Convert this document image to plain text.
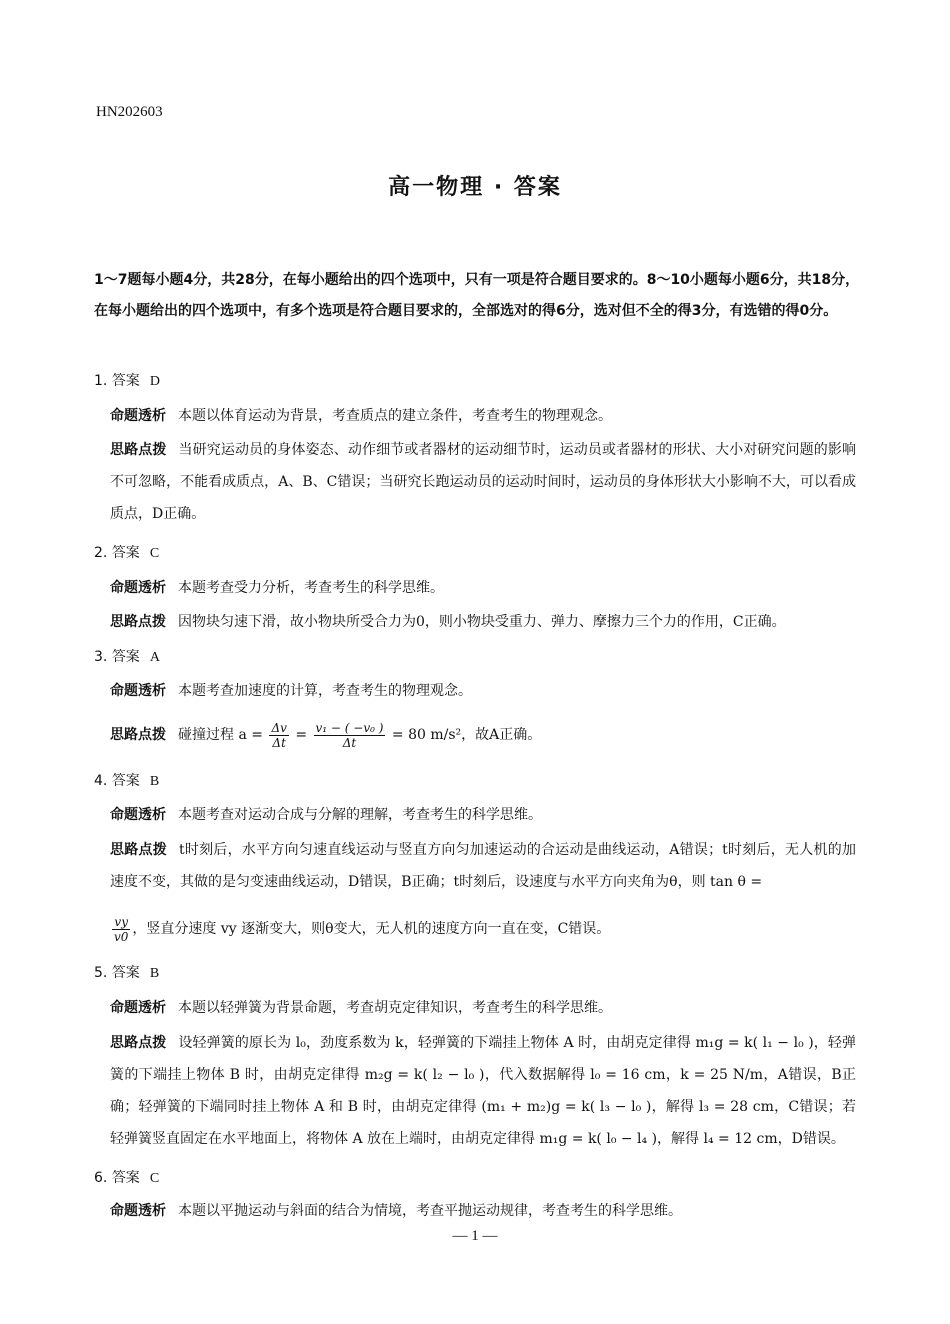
HN202603
高一物理 · 答案
1～7题每小题4分，共28分，在每小题给出的四个选项中，只有一项是符合题目要求的。8～10小题每小题6分，共18分，在每小题给出的四个选项中，有多个选项是符合题目要求的，全部选对的得6分，选对但不全的得3分，有选错的得0分。
1. 答案 D
命题透析 本题以体育运动为背景，考查质点的建立条件，考查考生的物理观念。
思路点拨 当研究运动员的身体姿态、动作细节或者器材的运动细节时，运动员或者器材的形状、大小对研究问题的影响不可忽略，不能看成质点，A、B、C错误；当研究长跑运动员的运动时间时，运动员的身体形状大小影响不大，可以看成质点，D正确。
2. 答案 C
命题透析 本题考查受力分析，考查考生的科学思维。
思路点拨 因物块匀速下滑，故小物块所受合力为0，则小物块受重力、弹力、摩擦力三个力的作用，C正确。
3. 答案 A
命题透析 本题考查加速度的计算，考查考生的物理观念。
思路点拨 碰撞过程 $a = \frac{\Delta v}{\Delta t} = \frac{\text{v₁ − ( −v₀ )}}{\Delta t} = 80$ m/s²，故A正确。
4. 答案 B
命题透析 本题考查对运动合成与分解的理解，考查考生的科学思维。
思路点拨 t时刻后，水平方向匀速直线运动与竖直方向匀加速运动的合运动是曲线运动，A错误；t时刻后，无人机的加速度不变，其做的是匀变速曲线运动，D错误，B正确；t时刻后，设速度与水平方向夹角为θ，则 tan θ =
$\frac{vy}{v0}$ ，竖直分速度 vy 逐渐变大，则θ变大，无人机的速度方向一直在变，C错误。
5. 答案 B
命题透析 本题以轻弹簧为背景命题，考查胡克定律知识，考查考生的科学思维。
思路点拨 设轻弹簧的原长为 l₀，劲度系数为 k，轻弹簧的下端挂上物体 A 时，由胡克定律得 m₁g = k( l₁ − l₀ )，轻弹簧的下端挂上物体 B 时，由胡克定律得 m₂g = k( l₂ − l₀ )，代入数据解得 l₀ = 16 cm，k = 25 N/m，A错误，B正确；轻弹簧的下端同时挂上物体 A 和 B 时，由胡克定律得 (m₁ + m₂)g = k( l₃ − l₀ )，解得 l₃ = 28 cm，C错误；若轻弹簧竖直固定在水平地面上，将物体 A 放在上端时，由胡克定律得 m₁g = k( l₀ − l₄ )，解得 l₄ = 12 cm，D错误。
6. 答案 C
命题透析 本题以平抛运动与斜面的结合为情境，考查平抛运动规律，考查考生的科学思维。
— 1 —
